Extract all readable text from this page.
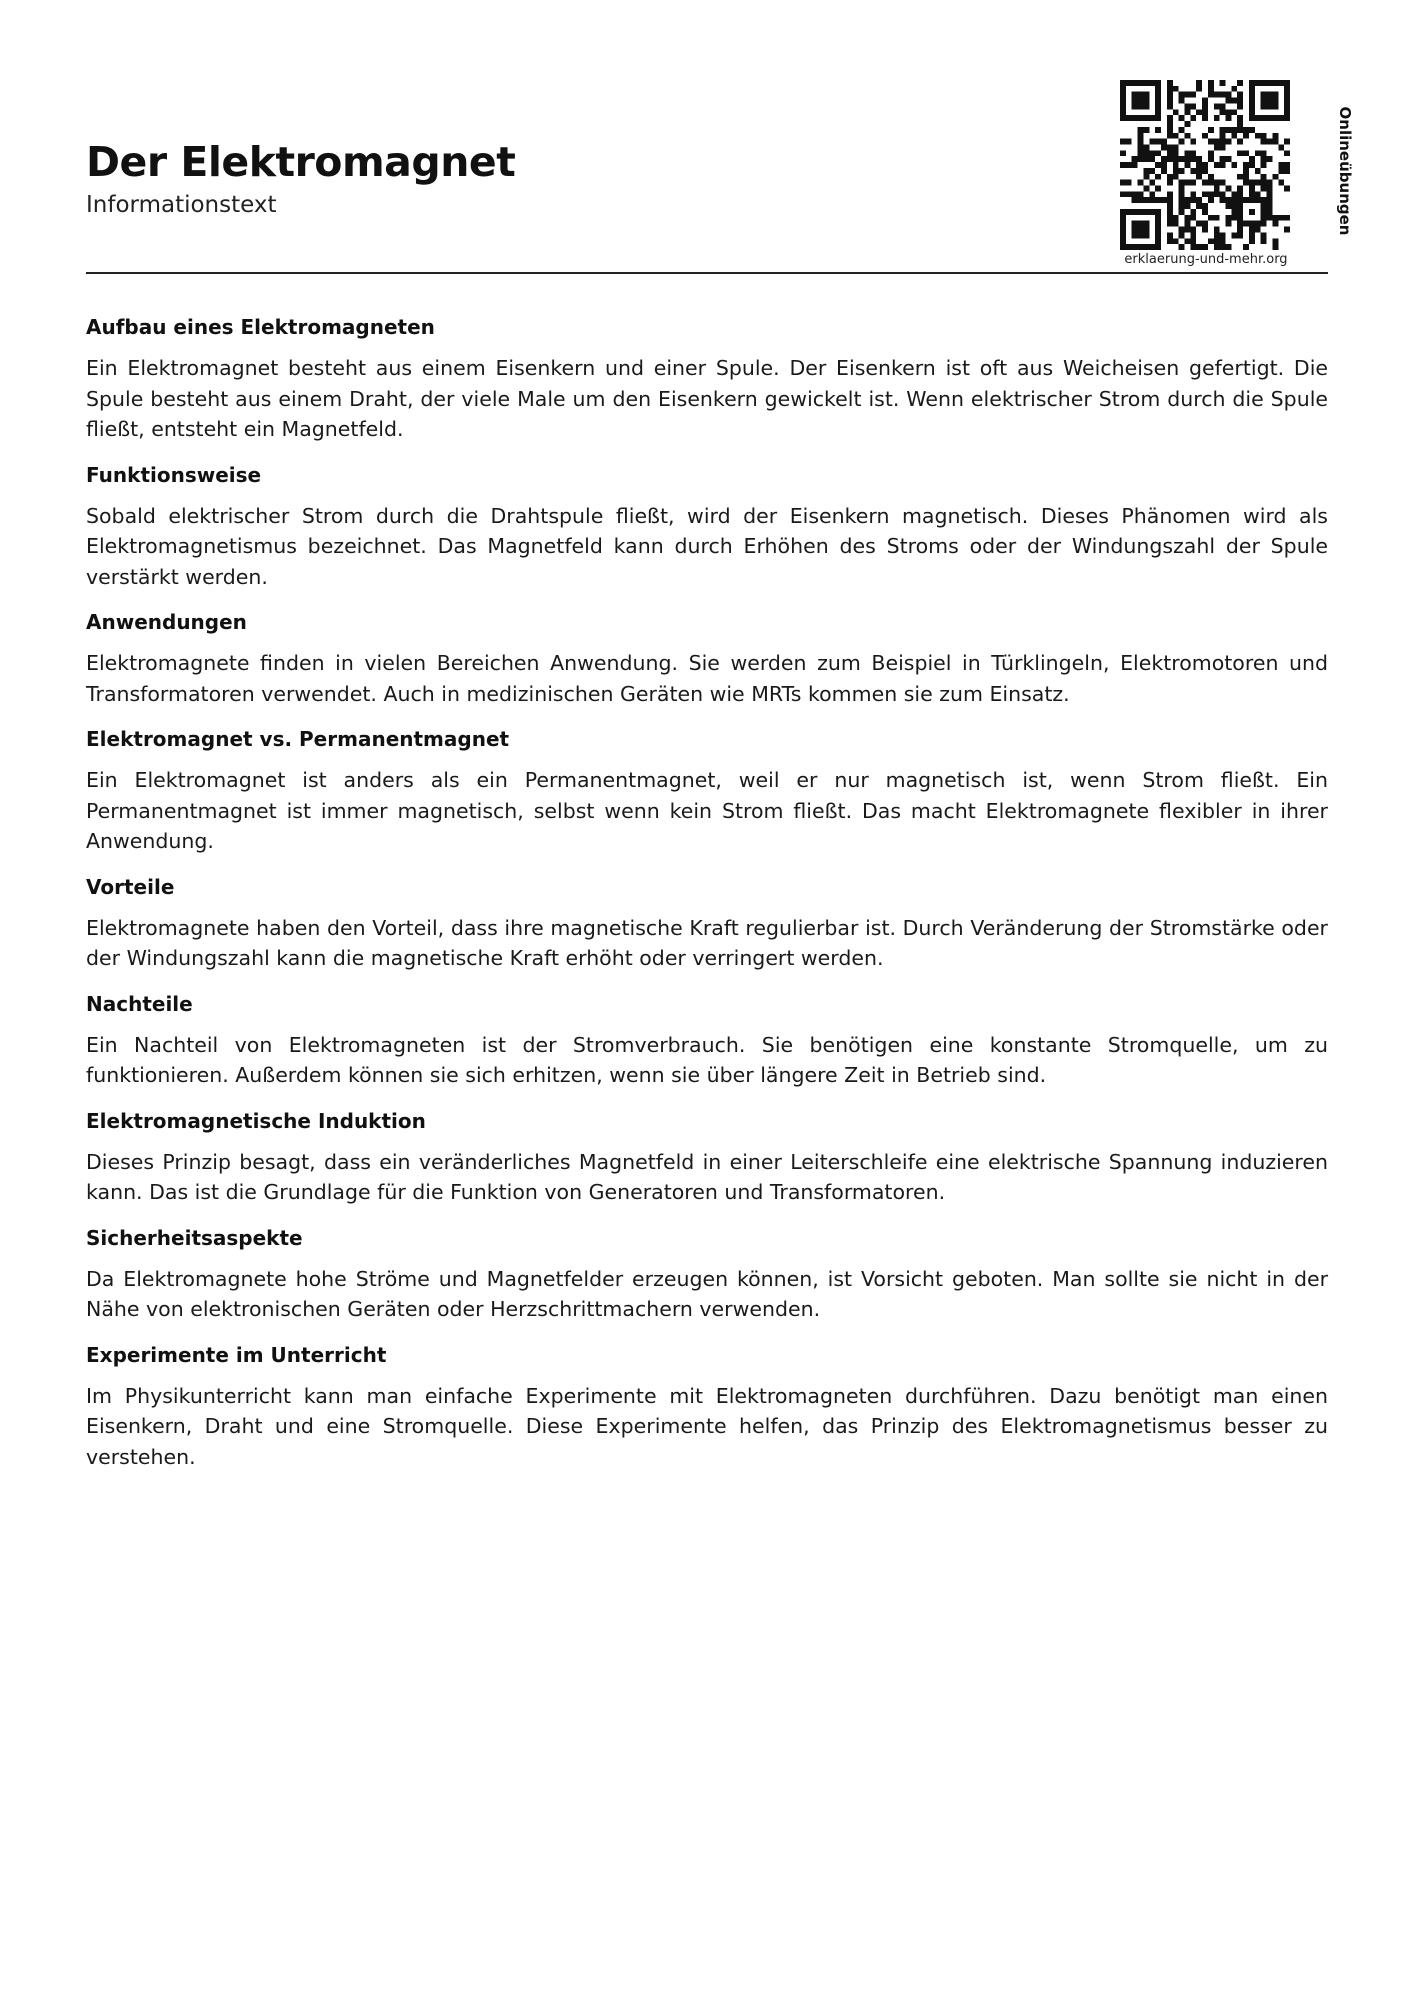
Der Elektromagnet

Informationstext	Onlineübungen
erklaerung-und-mehr.org
Aufbau eines Elektromagneten

Ein Elektromagnet besteht aus einem Eisenkern und einer Spule. Der Eisenkern ist oft aus Weicheisen gefertigt. Die Spule besteht aus einem Draht, der viele Male um den Eisenkern gewickelt ist. Wenn elektrischer Strom durch die Spule fließt, entsteht ein Magnetfeld.

Funktionsweise

Sobald elektrischer Strom durch die Drahtspule fließt, wird der Eisenkern magnetisch. Dieses Phänomen wird als Elektromagnetismus bezeichnet. Das Magnetfeld kann durch Erhöhen des Stroms oder der Windungszahl der Spule verstärkt werden.

Anwendungen

Elektromagnete finden in vielen Bereichen Anwendung. Sie werden zum Beispiel in Türklingeln, Elektromotoren und Transformatoren verwendet. Auch in medizinischen Geräten wie MRTs kommen sie zum Einsatz.

Elektromagnet vs. Permanentmagnet

Ein Elektromagnet ist anders als ein Permanentmagnet, weil er nur magnetisch ist, wenn Strom fließt. Ein Permanentmagnet ist immer magnetisch, selbst wenn kein Strom fließt. Das macht Elektromagnete flexibler in ihrer Anwendung.

Vorteile

Elektromagnete haben den Vorteil, dass ihre magnetische Kraft regulierbar ist. Durch Veränderung der Stromstärke oder der Windungszahl kann die magnetische Kraft erhöht oder verringert werden.

Nachteile

Ein Nachteil von Elektromagneten ist der Stromverbrauch. Sie benötigen eine konstante Stromquelle, um zu funktionieren. Außerdem können sie sich erhitzen, wenn sie über längere Zeit in Betrieb sind.

Elektromagnetische Induktion

Dieses Prinzip besagt, dass ein veränderliches Magnetfeld in einer Leiterschleife eine elektrische Spannung induzieren kann. Das ist die Grundlage für die Funktion von Generatoren und Transformatoren.

Sicherheitsaspekte

Da Elektromagnete hohe Ströme und Magnetfelder erzeugen können, ist Vorsicht geboten. Man sollte sie nicht in der Nähe von elektronischen Geräten oder Herzschrittmachern verwenden.

Experimente im Unterricht

Im Physikunterricht kann man einfache Experimente mit Elektromagneten durchführen. Dazu benötigt man einen Eisenkern, Draht und eine Stromquelle. Diese Experimente helfen, das Prinzip des Elektromagnetismus besser zu verstehen.
